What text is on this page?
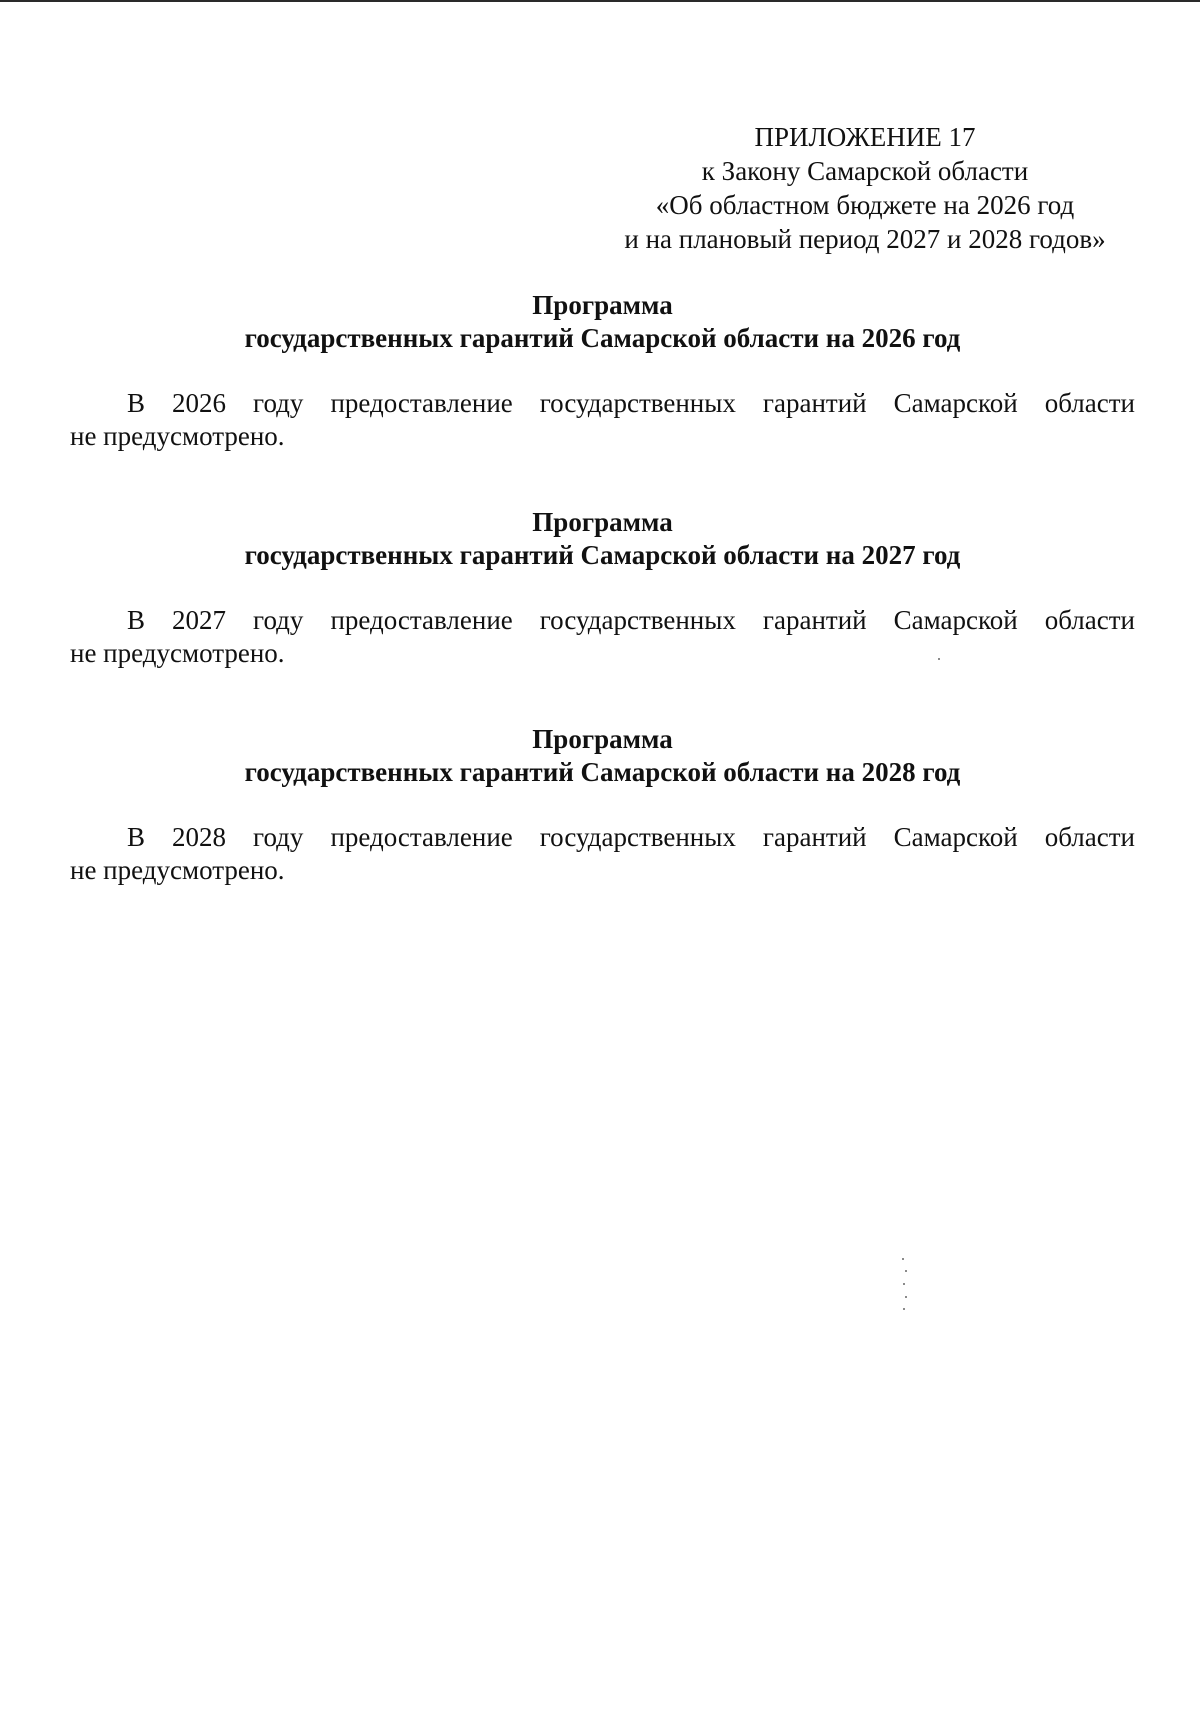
ПРИЛОЖЕНИЕ 17
к Закону Самарской области
«Об областном бюджете на 2026 год
и на плановый период 2027 и 2028 годов»
Программа
государственных гарантий Самарской области на 2026 год
В 2026 году предоставление государственных гарантий Самарской области
не предусмотрено.
Программа
государственных гарантий Самарской области на 2027 год
В 2027 году предоставление государственных гарантий Самарской области
не предусмотрено.
Программа
государственных гарантий Самарской области на 2028 год
В 2028 году предоставление государственных гарантий Самарской области
не предусмотрено.
